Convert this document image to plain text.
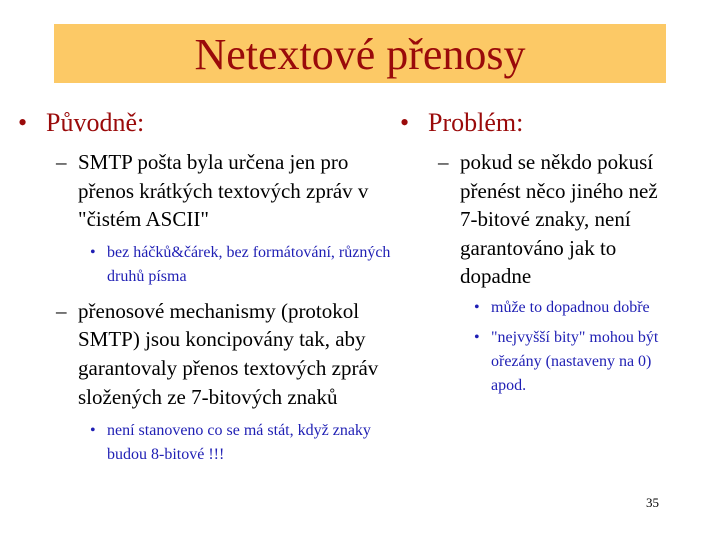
Netextové přenosy
• Původně:
– SMTP pošta byla určena jen pro přenos krátkých textových zpráv v "čistém ASCII"
• bez háčků&čárek, bez formátování, různých druhů písma
– přenosové mechanismy (protokol SMTP) jsou koncipovány tak, aby garantovaly přenos textových zpráv složených ze 7-bitových znaků
• není stanoveno co se má stát, když znaky budou 8-bitové !!!
• Problém:
– pokud se někdo pokusí přenést něco jiného než 7-bitové znaky, není garantováno jak to dopadne
• může to dopadnou dobře
• "nejvyšší bity" mohou být ořezány (nastaveny na 0) apod.
35
